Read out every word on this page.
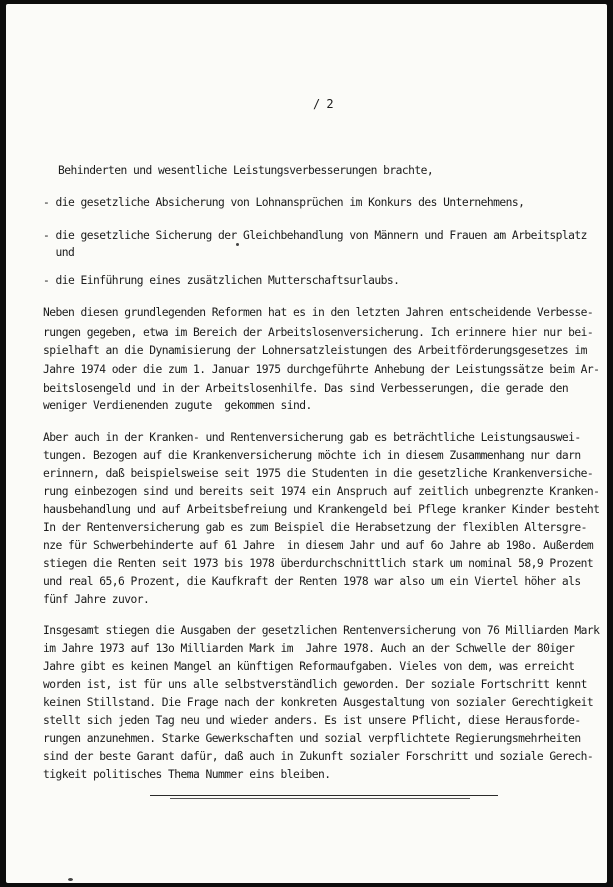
/ 2
Behinderten und wesentliche Leistungsverbesserungen brachte,
- die gesetzliche Absicherung von Lohnansprüchen im Konkurs des Unternehmens,
- die gesetzliche Sicherung der Gleichbehandlung von Männern und Frauen am Arbeitsplatz
und
- die Einführung eines zusätzlichen Mutterschaftsurlaubs.
Neben diesen grundlegenden Reformen hat es in den letzten Jahren entscheidende Verbesse-
rungen gegeben, etwa im Bereich der Arbeitslosenversicherung. Ich erinnere hier nur bei-
spielhaft an die Dynamisierung der Lohnersatzleistungen des Arbeitförderungsgesetzes im
Jahre 1974 oder die zum 1. Januar 1975 durchgeführte Anhebung der Leistungssätze beim Ar-
beitslosengeld und in der Arbeitslosenhilfe. Das sind Verbesserungen, die gerade den
weniger Verdienenden zugute  gekommen sind.
Aber auch in der Kranken- und Rentenversicherung gab es beträchtliche Leistungsauswei-
tungen. Bezogen auf die Krankenversicherung möchte ich in diesem Zusammenhang nur darn
erinnern, daß beispielsweise seit 1975 die Studenten in die gesetzliche Krankenversiche-
rung einbezogen sind und bereits seit 1974 ein Anspruch auf zeitlich unbegrenzte Kranken-
hausbehandlung und auf Arbeitsbefreiung und Krankengeld bei Pflege kranker Kinder besteht
In der Rentenversicherung gab es zum Beispiel die Herabsetzung der flexiblen Altersgre-
nze für Schwerbehinderte auf 61 Jahre  in diesem Jahr und auf 6o Jahre ab 198o. Außerdem
stiegen die Renten seit 1973 bis 1978 überdurchschnittlich stark um nominal 58,9 Prozent
und real 65,6 Prozent, die Kaufkraft der Renten 1978 war also um ein Viertel höher als
fünf Jahre zuvor.
Insgesamt stiegen die Ausgaben der gesetzlichen Rentenversicherung von 76 Milliarden Mark
im Jahre 1973 auf 13o Milliarden Mark im  Jahre 1978. Auch an der Schwelle der 80iger
Jahre gibt es keinen Mangel an künftigen Reformaufgaben. Vieles von dem, was erreicht
worden ist, ist für uns alle selbstverständlich geworden. Der soziale Fortschritt kennt
keinen Stillstand. Die Frage nach der konkreten Ausgestaltung von sozialer Gerechtigkeit
stellt sich jeden Tag neu und wieder anders. Es ist unsere Pflicht, diese Herausforde-
rungen anzunehmen. Starke Gewerkschaften und sozial verpflichtete Regierungsmehrheiten
sind der beste Garant dafür, daß auch in Zukunft sozialer Forschritt und soziale Gerech-
tigkeit politisches Thema Nummer eins bleiben.
